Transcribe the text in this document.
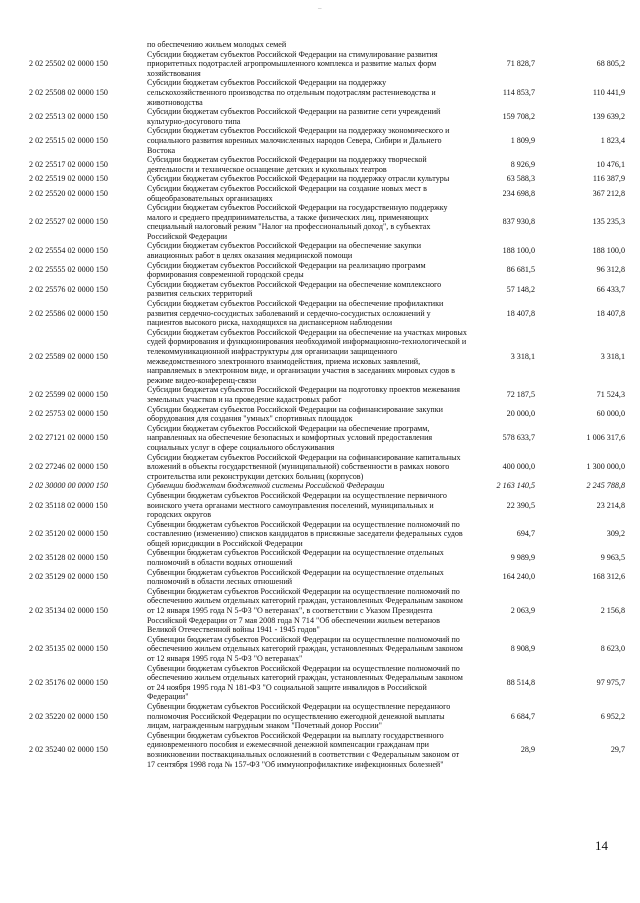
–
	по обеспечению жильем молодых семей		
2 02 25502 02 0000 150	Субсидии бюджетам субъектов Российской Федерации на стимулирование развития приоритетных подотраслей агропромышленного комплекса и развитие малых форм хозяйствования	71 828,7	68 805,2
2 02 25508 02 0000 150	Субсидии бюджетам субъектов Российской Федерации на поддержку сельскохозяйственного производства по отдельным подотраслям растениеводства и животноводства	114 853,7	110 441,9
2 02 25513 02 0000 150	Субсидии бюджетам субъектов Российской Федерации на развитие сети учреждений культурно-досугового типа	159 708,2	139 639,2
2 02 25515 02 0000 150	Субсидии бюджетам субъектов Российской Федерации на поддержку экономического и социального развития коренных малочисленных народов Севера, Сибири и Дальнего Востока	1 809,9	1 823,4
2 02 25517 02 0000 150	Субсидии бюджетам субъектов Российской Федерации на поддержку творческой деятельности и техническое оснащение детских и кукольных театров	8 926,9	10 476,1
2 02 25519 02 0000 150	Субсидии бюджетам субъектов Российской Федерации на поддержку отрасли культуры	63 588,3	116 387,9
2 02 25520 02 0000 150	Субсидии бюджетам субъектов Российской Федерации на создание новых мест в общеобразовательных организациях	234 698,8	367 212,8
2 02 25527 02 0000 150	Субсидии бюджетам субъектов Российской Федерации на государственную поддержку малого и среднего предпринимательства, а также физических лиц, применяющих специальный налоговый режим "Налог на профессиональный доход", в субъектах Российской Федерации	837 930,8	135 235,3
2 02 25554 02 0000 150	Субсидии бюджетам субъектов Российской Федерации на обеспечение закупки авиационных работ в целях оказания медицинской помощи	188 100,0	188 100,0
2 02 25555 02 0000 150	Субсидии бюджетам субъектов Российской Федерации на реализацию программ формирования современной городской среды	86 681,5	96 312,8
2 02 25576 02 0000 150	Субсидии бюджетам субъектов Российской Федерации на обеспечение комплексного развития сельских территорий	57 148,2	66 433,7
2 02 25586 02 0000 150	Субсидии бюджетам субъектов Российской Федерации на обеспечение профилактики развития сердечно-сосудистых заболеваний и сердечно-сосудистых осложнений у пациентов высокого риска, находящихся на диспансерном наблюдении	18 407,8	18 407,8
2 02 25589 02 0000 150	Субсидии бюджетам субъектов Российской Федерации на обеспечение на участках мировых судей формирования и функционирования необходимой информационно-технологической и телекоммуникационной инфраструктуры для организации защищенного межведомственного электронного взаимодействия, приема исковых заявлений, направляемых в электронном виде, и организации участия в заседаниях мировых судов в режиме видео-конференц-связи	3 318,1	3 318,1
2 02 25599 02 0000 150	Субсидии бюджетам субъектов Российской Федерации на подготовку проектов межевания земельных участков и на проведение кадастровых работ	72 187,5	71 524,3
2 02 25753 02 0000 150	Субсидии бюджетам субъектов Российской Федерации на софинансирование закупки оборудования для создания "умных" спортивных площадок	20 000,0	60 000,0
2 02 27121 02 0000 150	Субсидии бюджетам субъектов Российской Федерации на обеспечение программ, направленных на обеспечение безопасных и комфортных условий предоставления социальных услуг в сфере социального обслуживания	578 633,7	1 006 317,6
2 02 27246 02 0000 150	Субсидии бюджетам субъектов Российской Федерации на софинансирование капитальных вложений в объекты государственной (муниципальной) собственности в рамках нового строительства или реконструкции детских больниц (корпусов)	400 000,0	1 300 000,0
2 02 30000 00 0000 150	Субвенции бюджетам бюджетной системы Российской Федерации	2 163 140,5	2 245 788,8
2 02 35118 02 0000 150	Субвенции бюджетам субъектов Российской Федерации на осуществление первичного воинского учета органами местного самоуправления поселений, муниципальных и городских округов	22 390,5	23 214,8
2 02 35120 02 0000 150	Субвенции бюджетам субъектов Российской Федерации на осуществление полномочий по составлению (изменению) списков кандидатов в присяжные заседатели федеральных судов общей юрисдикции в Российской Федерации	694,7	309,2
2 02 35128 02 0000 150	Субвенции бюджетам субъектов Российской Федерации на осуществление отдельных полномочий в области водных отношений	9 989,9	9 963,5
2 02 35129 02 0000 150	Субвенции бюджетам субъектов Российской Федерации на осуществление отдельных полномочий в области лесных отношений	164 240,0	168 312,6
2 02 35134 02 0000 150	Субвенции бюджетам субъектов Российской Федерации на осуществление полномочий по обеспечению жильем отдельных категорий граждан, установленных Федеральным законом от 12 января 1995 года N 5-ФЗ "О ветеранах", в соответствии с Указом Президента Российской Федерации от 7 мая 2008 года N 714 "Об обеспечении жильем ветеранов Великой Отечественной войны 1941 - 1945 годов"	2 063,9	2 156,8
2 02 35135 02 0000 150	Субвенции бюджетам субъектов Российской Федерации на осуществление полномочий по обеспечению жильем отдельных категорий граждан, установленных Федеральным законом от 12 января 1995 года N 5-ФЗ "О ветеранах"	8 908,9	8 623,0
2 02 35176 02 0000 150	Субвенции бюджетам субъектов Российской Федерации на осуществление полномочий по обеспечению жильем отдельных категорий граждан, установленных Федеральным законом от 24 ноября 1995 года N 181-ФЗ "О социальной защите инвалидов в Российской Федерации"	88 514,8	97 975,7
2 02 35220 02 0000 150	Субвенции бюджетам субъектов Российской Федерации на осуществление переданного полномочия Российской Федерации по осуществлению ежегодной денежной выплаты лицам, награжденным нагрудным знаком "Почетный донор России"	6 684,7	6 952,2
2 02 35240 02 0000 150	Субвенции бюджетам субъектов Российской Федерации на выплату государственного единовременного пособия и ежемесячной денежной компенсации гражданам при возникновении поствакцинальных осложнений в соответствии с Федеральным законом от 17 сентября 1998 года № 157-ФЗ "Об иммунопрофилактике инфекционных болезней"	28,9	29,7
14
